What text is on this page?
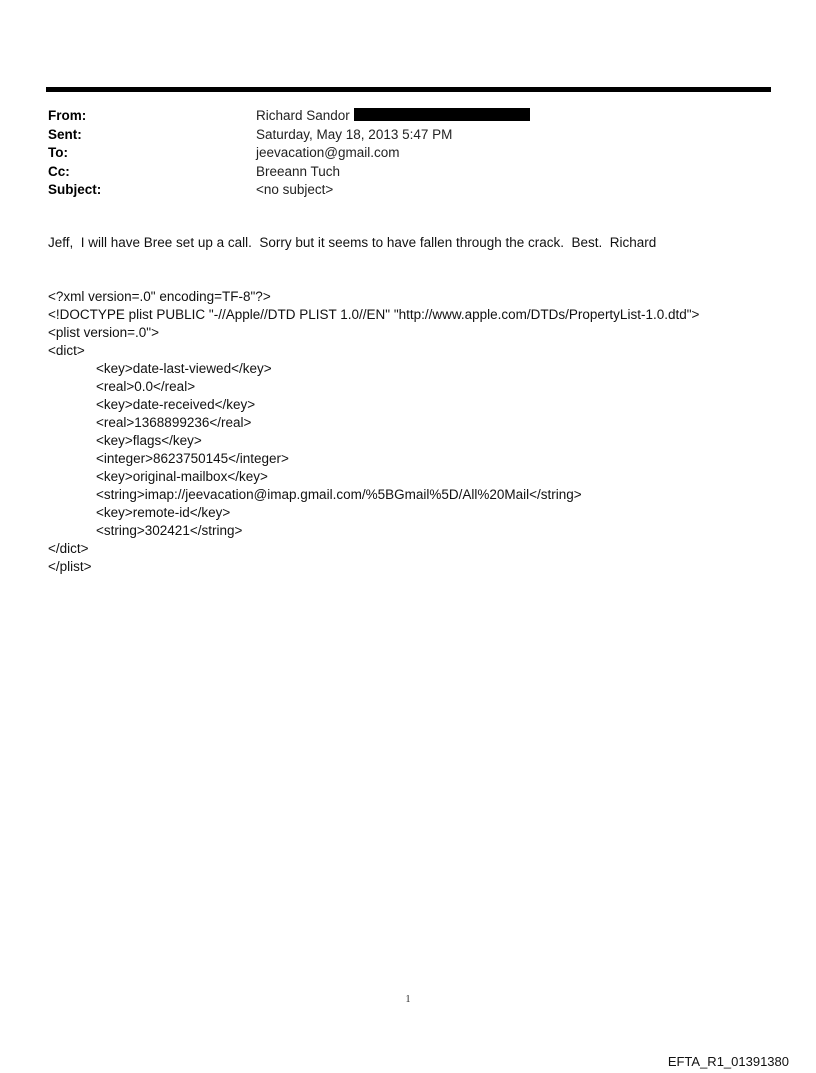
From:	Richard Sandor
Sent:	Saturday, May 18, 2013 5:47 PM
To:	jeevacation@gmail.com
Cc:	Breeann Tuch
Subject:	<no subject>
Jeff,  I will have Bree set up a call.  Sorry but it seems to have fallen through the crack.  Best.  Richard
<?xml version=.0" encoding=TF-8"?>
<!DOCTYPE plist PUBLIC "-//Apple//DTD PLIST 1.0//EN" "http://www.apple.com/DTDs/PropertyList-1.0.dtd">
<plist version=.0">
<dict>
<key>date-last-viewed</key>
<real>0.0</real>
<key>date-received</key>
<real>1368899236</real>
<key>flags</key>
<integer>8623750145</integer>
<key>original-mailbox</key>
<string>imap://jeevacation@imap.gmail.com/%5BGmail%5D/All%20Mail</string>
<key>remote-id</key>
<string>302421</string>
</dict>
</plist>
1
EFTA_R1_01391380
